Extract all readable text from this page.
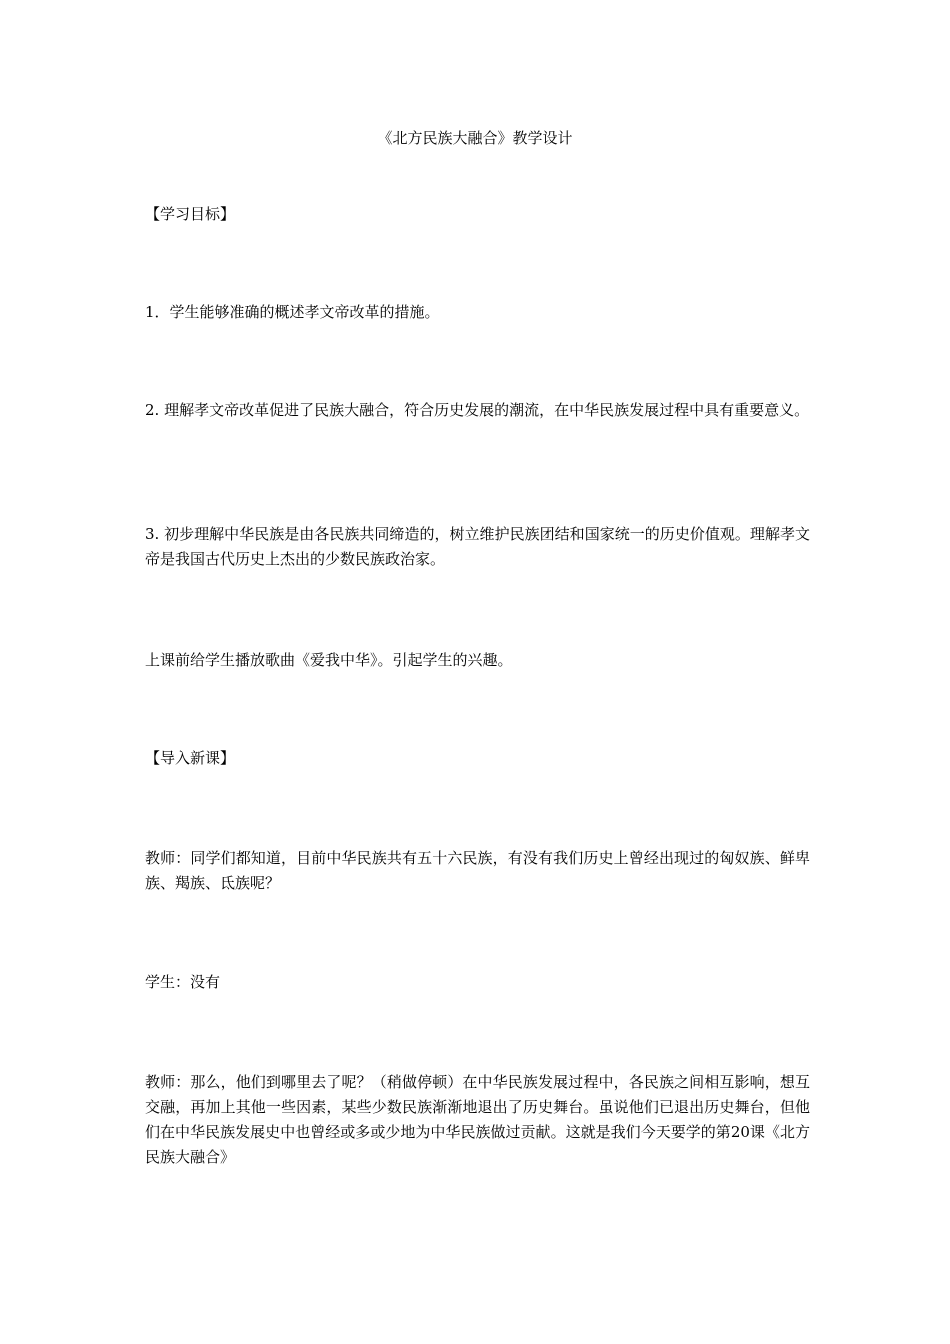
《北方民族大融合》教学设计

【学习目标】

1．学生能够准确的概述孝文帝改革的措施。

2. 理解孝文帝改革促进了民族大融合，符合历史发展的潮流，在中华民族发展过程中具有重要意义。

3. 初步理解中华民族是由各民族共同缔造的，树立维护民族团结和国家统一的历史价值观。理解孝文帝是我国古代历史上杰出的少数民族政治家。

上课前给学生播放歌曲《爱我中华》。引起学生的兴趣。

【导入新课】

教师：同学们都知道，目前中华民族共有五十六民族，有没有我们历史上曾经出现过的匈奴族、鲜卑族、羯族、氐族呢？

学生：没有

教师：那么，他们到哪里去了呢？（稍做停顿）在中华民族发展过程中，各民族之间相互影响，想互交融，再加上其他一些因素，某些少数民族渐渐地退出了历史舞台。虽说他们已退出历史舞台，但他们在中华民族发展史中也曾经或多或少地为中华民族做过贡献。这就是我们今天要学的第20课《北方民族大融合》
